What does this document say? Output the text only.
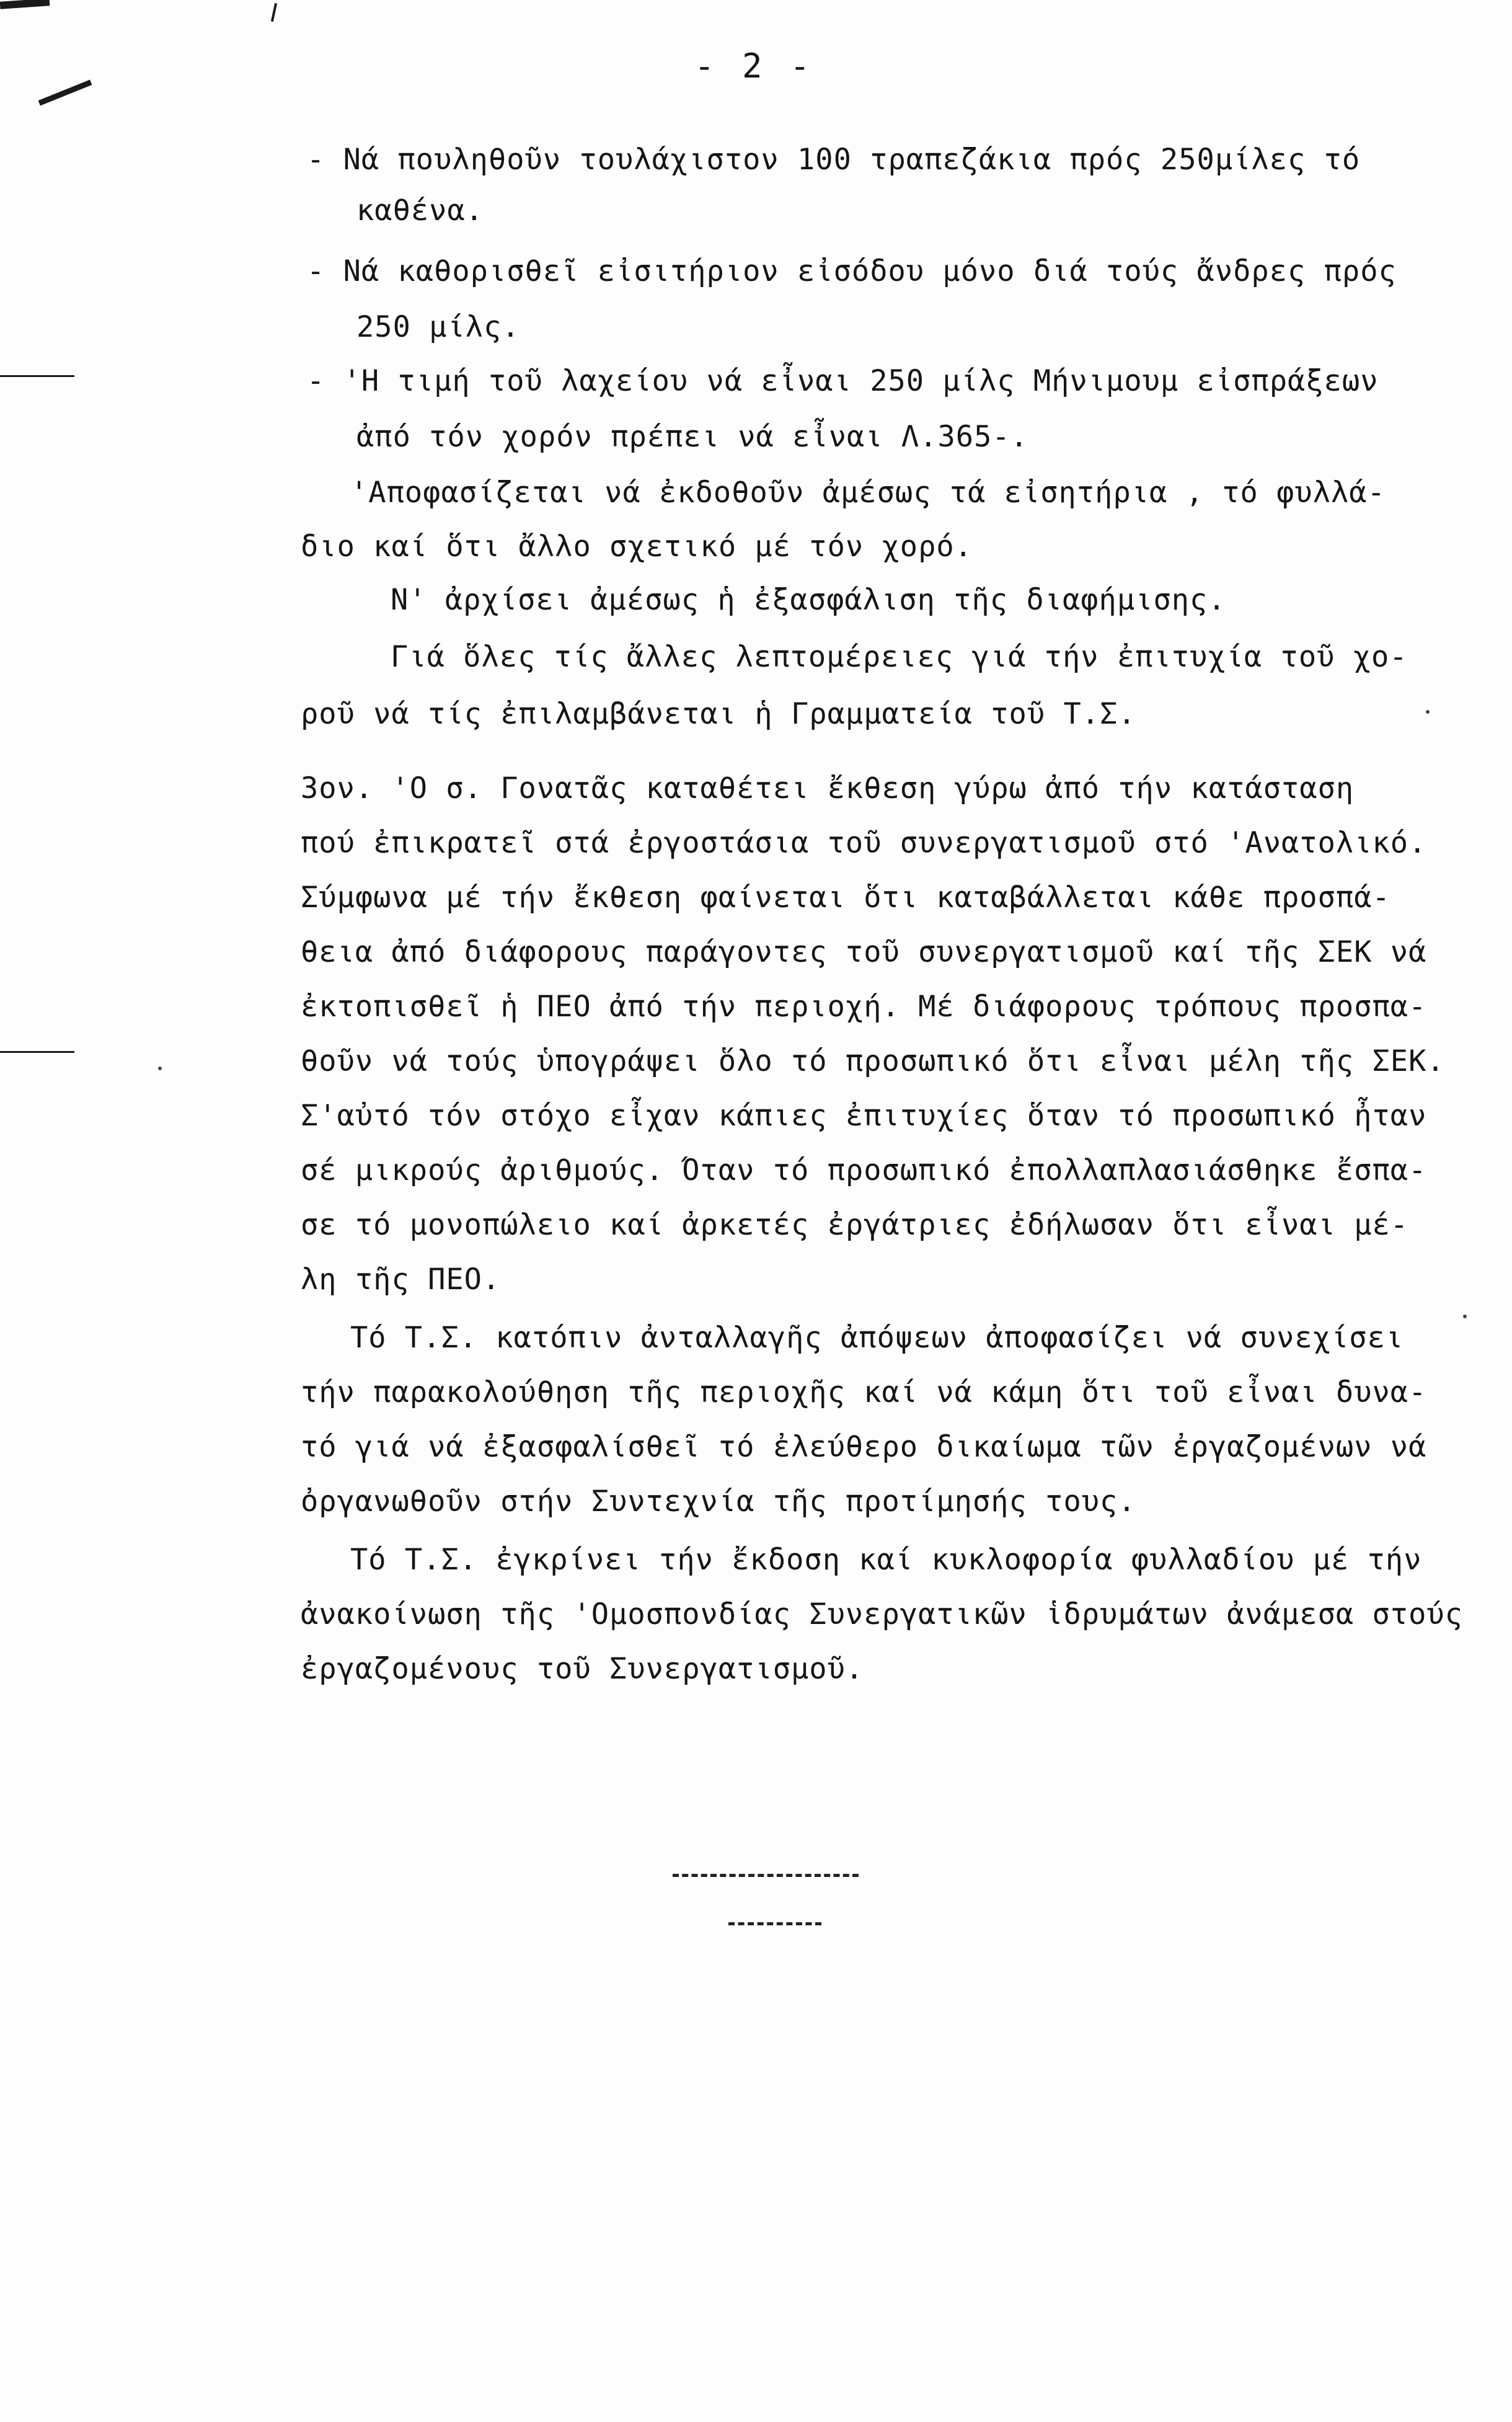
- 2 -
- Νά πουληθοῦν τουλάχιστον 100 τραπεζάκια πρός 250μίλες τό
καθένα.
- Νά καθορισθεῖ εἰσιτήριον εἰσόδου μόνο διά τούς ἄνδρες πρός
250 μίλς.
- 'Η τιμή τοῦ λαχείου νά εἶναι 250 μίλς Μήνιμουμ εἰσπράξεων
ἀπό τόν χορόν πρέπει νά εἶναι Λ.365-.
'Αποφασίζεται νά ἐκδοθοῦν ἀμέσως τά εἰσητήρια , τό φυλλά-
διο καί ὅτι ἄλλο σχετικό μέ τόν χορό.
Ν' ἀρχίσει ἀμέσως ἡ ἐξασφάλιση τῆς διαφήμισης.
Γιά ὅλες τίς ἄλλες λεπτομέρειες γιά τήν ἐπιτυχία τοῦ χο-
ροῦ νά τίς ἐπιλαμβάνεται ἡ Γραμματεία τοῦ Τ.Σ.
3ον. 'Ο σ. Γονατᾶς καταθέτει ἔκθεση γύρω ἀπό τήν κατάσταση
πού ἐπικρατεῖ στά ἐργοστάσια τοῦ συνεργατισμοῦ στό 'Ανατολικό.
Σύμφωνα μέ τήν ἔκθεση φαίνεται ὅτι καταβάλλεται κάθε προσπά-
θεια ἀπό διάφορους παράγοντες τοῦ συνεργατισμοῦ καί τῆς ΣΕΚ νά
ἐκτοπισθεῖ ἡ ΠΕΟ ἀπό τήν περιοχή. Μέ διάφορους τρόπους προσπα-
θοῦν νά τούς ὑπογράψει ὅλο τό προσωπικό ὅτι εἶναι μέλη τῆς ΣΕΚ.
Σ'αὐτό τόν στόχο εἶχαν κάπιες ἐπιτυχίες ὅταν τό προσωπικό ἦταν
σέ μικρούς ἀριθμούς. Όταν τό προσωπικό ἐπολλαπλασιάσθηκε ἔσπα-
σε τό μονοπώλειο καί ἀρκετές ἐργάτριες ἐδήλωσαν ὅτι εἶναι μέ-
λη τῆς ΠΕΟ.
Τό Τ.Σ. κατόπιν ἀνταλλαγῆς ἀπόψεων ἀποφασίζει νά συνεχίσει
τήν παρακολούθηση τῆς περιοχῆς καί νά κάμη ὅτι τοῦ εἶναι δυνα-
τό γιά νά ἐξασφαλίσθεῖ τό ἐλεύθερο δικαίωμα τῶν ἐργαζομένων νά
ὀργανωθοῦν στήν Συντεχνία τῆς προτίμησής τους.
Τό Τ.Σ. ἐγκρίνει τήν ἔκδοση καί κυκλοφορία φυλλαδίου μέ τήν
ἀνακοίνωση τῆς 'Ομοσπονδίας Συνεργατικῶν ἱδρυμάτων ἀνάμεσα στούς
ἐργαζομένους τοῦ Συνεργατισμοῦ.
